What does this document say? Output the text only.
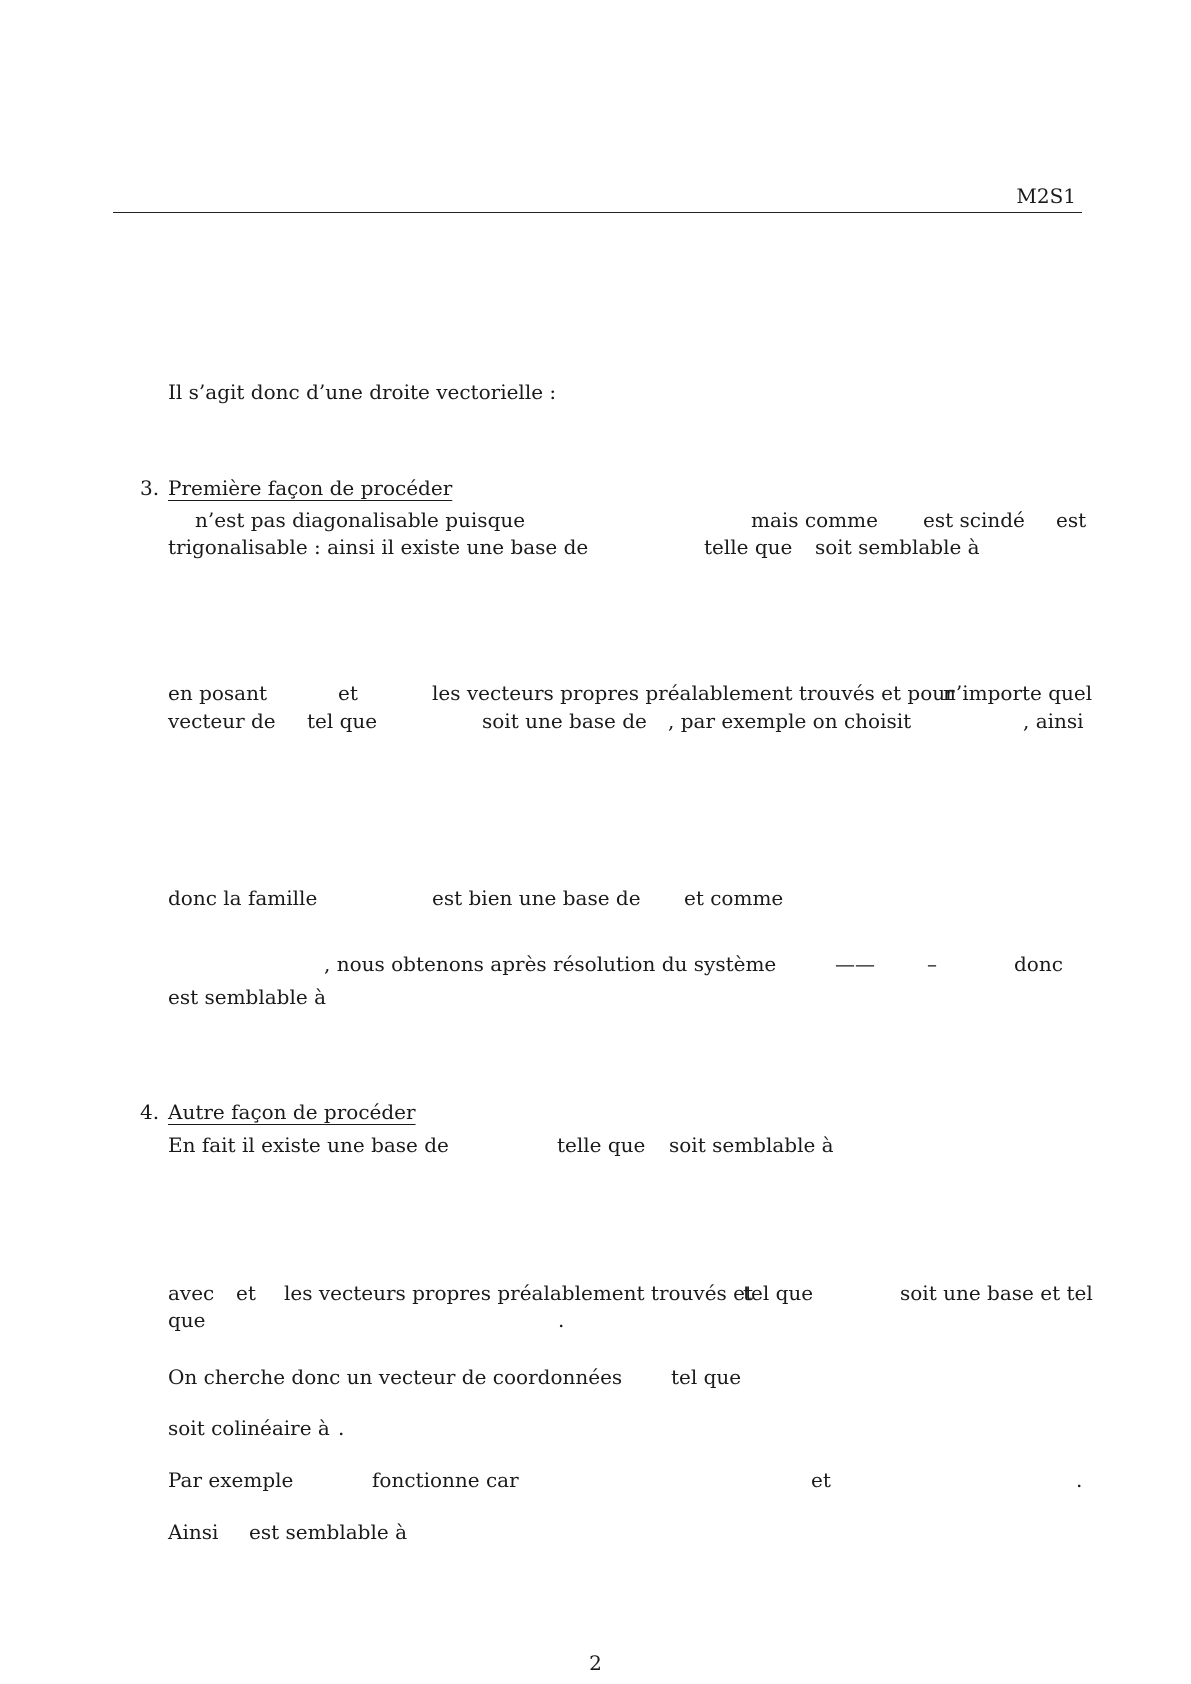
M2S1
Il s’agit donc d’une droite vectorielle :
3. Première façon de procéder
n’est pas diagonalisable puisque	mais comme est scindé est
trigonalisable : ainsi il existe une base de	telle que soit semblable à
en posant	et	les vecteurs propres préalablement trouvés et pour
n’importe quel
vecteur de tel que	soit une base de , par exemple on choisit	, ainsi
donc la famille	est bien une base de et comme
, nous obtenons après résolution du système	——	–	donc
est semblable à
4. Autre façon de procéder
En fait il existe une base de	telle que soit semblable à
avec et les vecteurs propres préalablement trouvés et
tel que	soit une base et tel
que	.
On cherche donc un vecteur de coordonnées tel que
soit colinéaire à .
Par exemple	fonctionne car	et	.
Ainsi est semblable à
2
